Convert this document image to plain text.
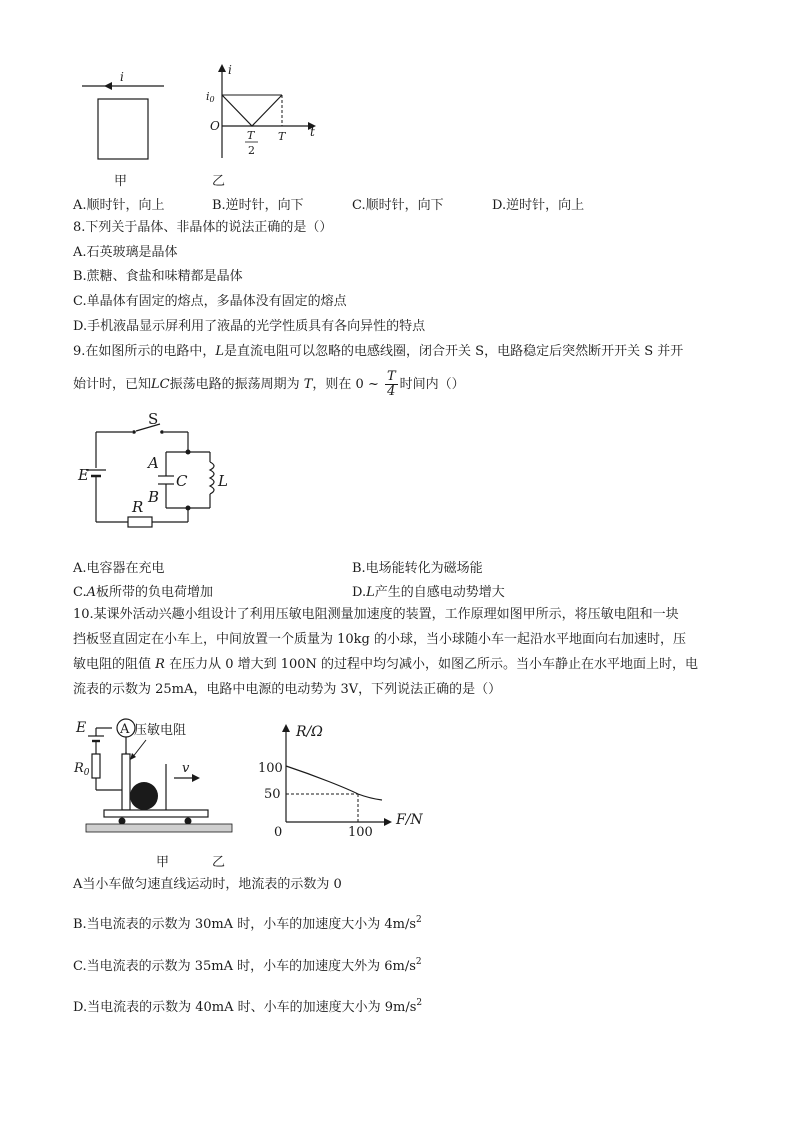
i	i
t
i0
O
T
2
T
甲	乙
A.顺时针，向上	B.逆时针，向下	C.顺时针，向下	D.逆时针，向上
8.下列关于晶体、非晶体的说法正确的是（）
A.石英玻璃是晶体
B.蔗糖、食盐和味精都是晶体
C.单晶体有固定的熔点，多晶体没有固定的熔点
D.手机液晶显示屏利用了液晶的光学性质具有各向异性的特点
9.在如图所示的电路中，L是直流电阻可以忽略的电感线圈，闭合开关 S，电路稳定后突然断开开关 S 并开
始计时，已知LC振荡电路的振荡周期为 T，则在 0 ~ $\frac{T}{4}$ 时间内（）
S
E
R
A
B
C L
A.电容器在充电	B.电场能转化为磁场能
C.A板所带的负电荷增加	D.L产生的自感电动势增大
10.某课外活动兴趣小组设计了利用压敏电阻测量加速度的装置，工作原理如图甲所示，将压敏电阻和一块
挡板竖直固定在小车上，中间放置一个质量为 10kg 的小球，当小球随小车一起沿水平地面向右加速时，压
敏电阻的阻值 R 在压力从 0 增大到 100N 的过程中均匀减小，如图乙所示。当小车静止在水平地面上时，电
流表的示数为 25mA，电路中电源的电动势为 3V，下列说法正确的是（）
E	A
$R_0$
压敏电阻
v
R/Ω
F/N
100
50
0	100
甲	乙
A当小车做匀速直线运动时，地流表的示数为 0
B.当电流表的示数为 30mA 时，小车的加速度大小为 $4m/s^2$
C.当电流表的示数为 35mA 时，小车的加速度大外为 $6m/s^2$
D.当电流表的示数为 40mA 时、小车的加速度大小为 $9m/s^2$
